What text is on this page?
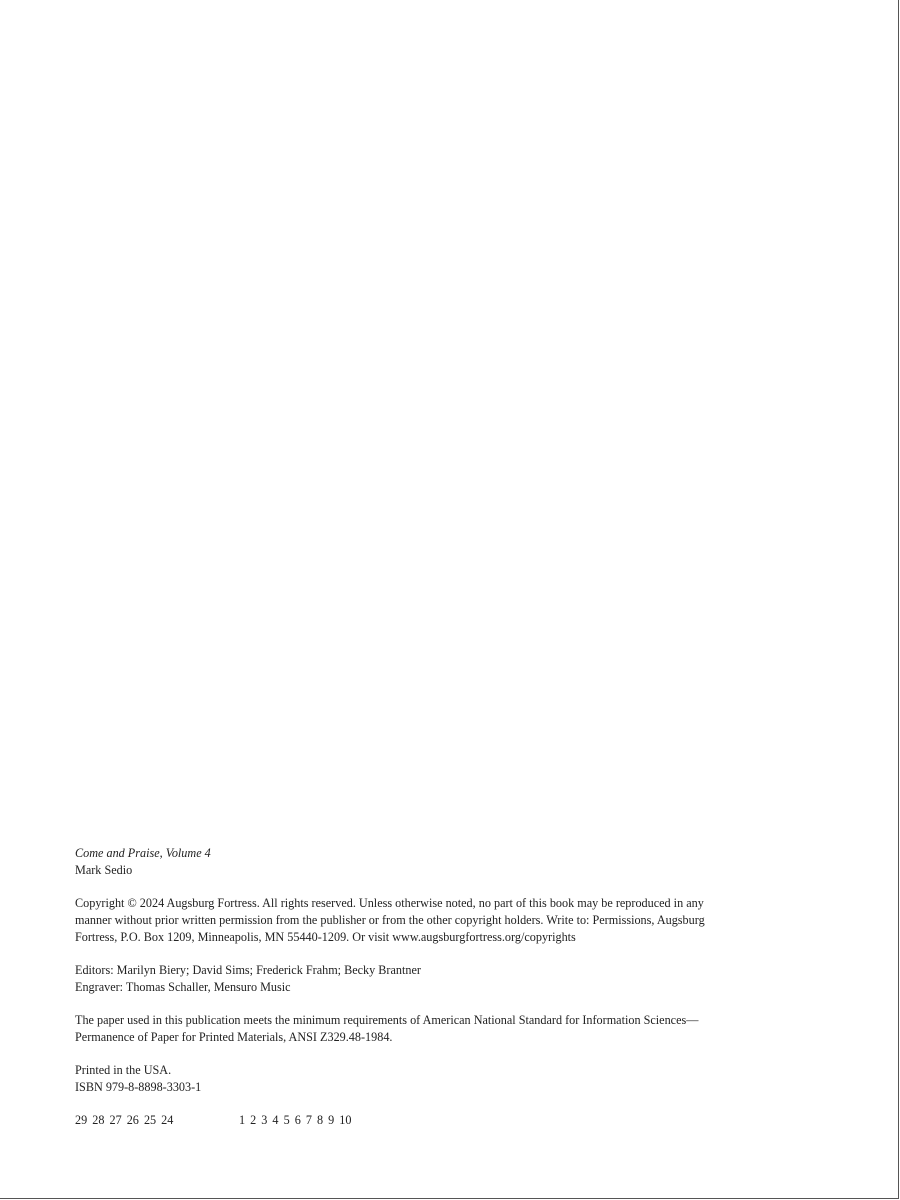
Come and Praise, Volume 4

Mark Sedio

Copyright © 2024 Augsburg Fortress. All rights reserved. Unless otherwise noted, no part of this book may be reproduced in any

manner without prior written permission from the publisher or from the other copyright holders. Write to: Permissions, Augsburg

Fortress, P.O. Box 1209, Minneapolis, MN 55440-1209. Or visit www.augsburgfortress.org/copyrights

Editors: Marilyn Biery; David Sims; Frederick Frahm; Becky Brantner

Engraver: Thomas Schaller, Mensuro Music

The paper used in this publication meets the minimum requirements of American National Standard for Information Sciences—

Permanence of Paper for Printed Materials, ANSI Z329.48-1984.

Printed in the USA.

ISBN 979-8-8898-3303-1

29 28 27 26 25 24	1 2 3 4 5 6 7 8 9 10
